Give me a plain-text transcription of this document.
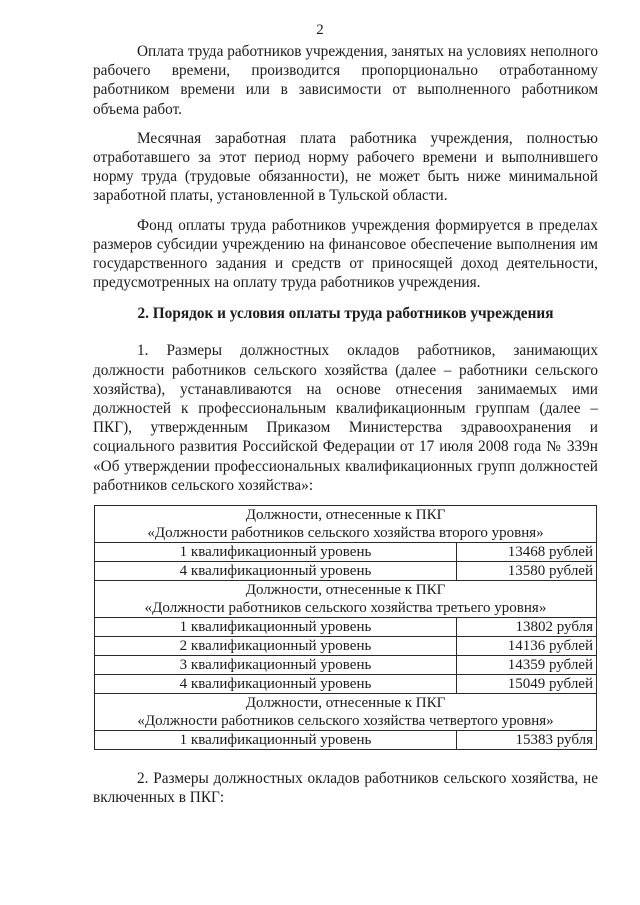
2

Оплата труда работников учреждения, занятых на условиях неполного рабочего времени, производится пропорционально отработанному работником времени или в зависимости от выполненного работником объема работ.

Месячная заработная плата работника учреждения, полностью отработавшего за этот период норму рабочего времени и выполнившего норму труда (трудовые обязанности), не может быть ниже минимальной заработной платы, установленной в Тульской области.

Фонд оплаты труда работников учреждения формируется в пределах размеров субсидии учреждению на финансовое обеспечение выполнения им государственного задания и средств от приносящей доход деятельности, предусмотренных на оплату труда работников учреждения.

2. Порядок и условия оплаты труда работников учреждения

1. Размеры должностных окладов работников, занимающих должности работников сельского хозяйства (далее – работники сельского хозяйства), устанавливаются на основе отнесения занимаемых ими должностей к профессиональным квалификационным группам (далее – ПКГ), утвержденным Приказом Министерства здравоохранения и социального развития Российской Федерации от 17 июля 2008 года № 339н «Об утверждении профессиональных квалификационных групп должностей работников сельского хозяйства»:

Должности, отнесенные к ПКГ
«Должности работников сельского хозяйства второго уровня»	

1 квалификационный уровень	13468 рублей
4 квалификационный уровень	13580 рублей

Должности, отнесенные к ПКГ
«Должности работников сельского хозяйства третьего уровня»	

1 квалификационный уровень	13802 рубля
2 квалификационный уровень	14136 рублей
3 квалификационный уровень	14359 рублей
4 квалификационный уровень	15049 рублей

Должности, отнесенные к ПКГ
«Должности работников сельского хозяйства четвертого уровня»	

1 квалификационный уровень	15383 рубля

2. Размеры должностных окладов работников сельского хозяйства, не включенных в ПКГ:
